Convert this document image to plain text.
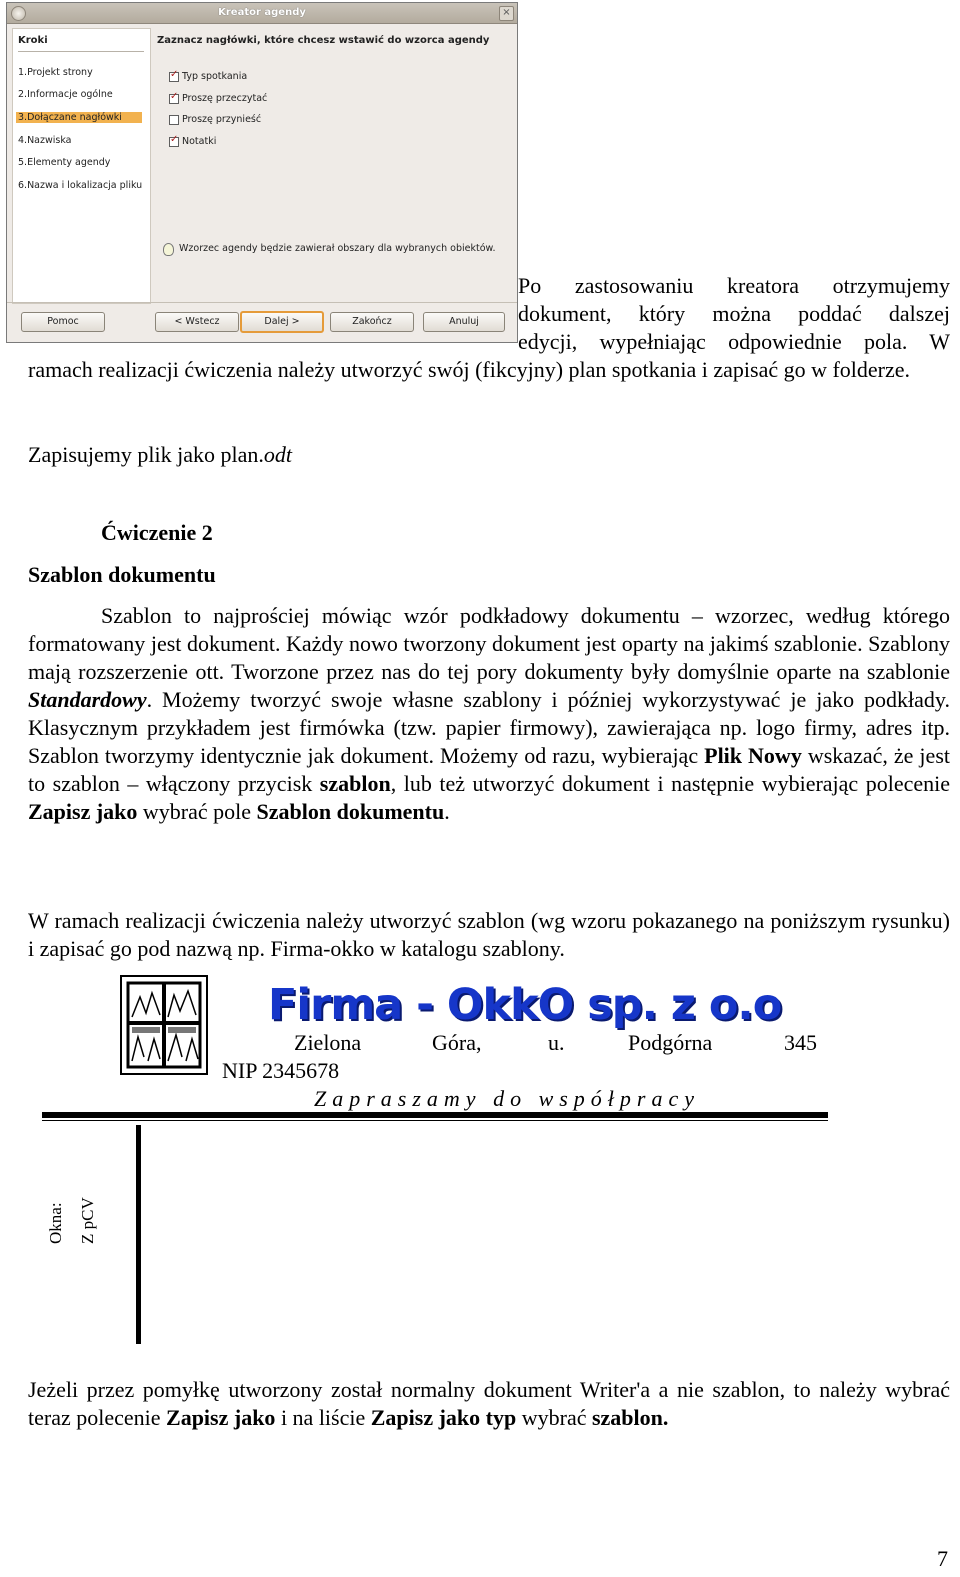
Kreator agendy	×
Kroki
1.Projekt strony
2.Informacje ogólne
3.Dołączane nagłówki
4.Nazwiska
5.Elementy agendy
6.Nazwa i lokalizacja pliku
Zaznacz nagłówki, które chcesz wstawić do wzorca agendy
✓
Typ spotkania
✓
Proszę przeczytać
Proszę przynieść
✓
Notatki
Wzorzec agendy będzie zawierał obszary dla wybranych obiektów.
Pomoc	< Wstecz	Dalej >	Zakończ	Anuluj
Po zastosowaniu kreatora otrzymujemy
dokument, który można poddać dalszej
edycji, wypełniając odpowiednie pola. W

ramach realizacji ćwiczenia należy utworzyć swój (fikcyjny) plan spotkania i zapisać go w folderze.

Zapisujemy plik jako plan.odt
Ćwiczenie 2
Szablon dokumentu

Szablon to najprościej mówiąc wzór podkładowy dokumentu – wzorzec, według którego formatowany jest dokument. Każdy nowo tworzony dokument jest oparty na jakimś szablonie. Szablony mają rozszerzenie ott. Tworzone przez nas do tej pory dokumenty były domyślnie oparte na szablonie Standardowy. Możemy tworzyć swoje własne szablony i później wykorzystywać je jako podkłady. Klasycznym przykładem jest firmówka (tzw. papier firmowy), zawierająca np. logo firmy, adres itp. Szablon tworzymy identycznie jak dokument. Możemy od razu, wybierając Plik Nowy wskazać, że jest to szablon – włączony przycisk szablon, lub też utworzyć dokument i następnie wybierając polecenie Zapisz jako wybrać pole Szablon dokumentu.

W ramach realizacji ćwiczenia należy utworzyć szablon (wg wzoru pokazanego na poniższym rysunku) i zapisać go pod nazwą np. Firma-okko w katalogu szablony.

Firma - OkkO sp. z o.o
Zielona	Góra,	u.	Podgórna	345
NIP 2345678
Zapraszamy do współpracy
Okna: Z pCV

Jeżeli przez pomyłkę utworzony został normalny dokument Writer'a a nie szablon, to należy wybrać teraz polecenie Zapisz jako i na liście Zapisz jako typ wybrać szablon.

7
